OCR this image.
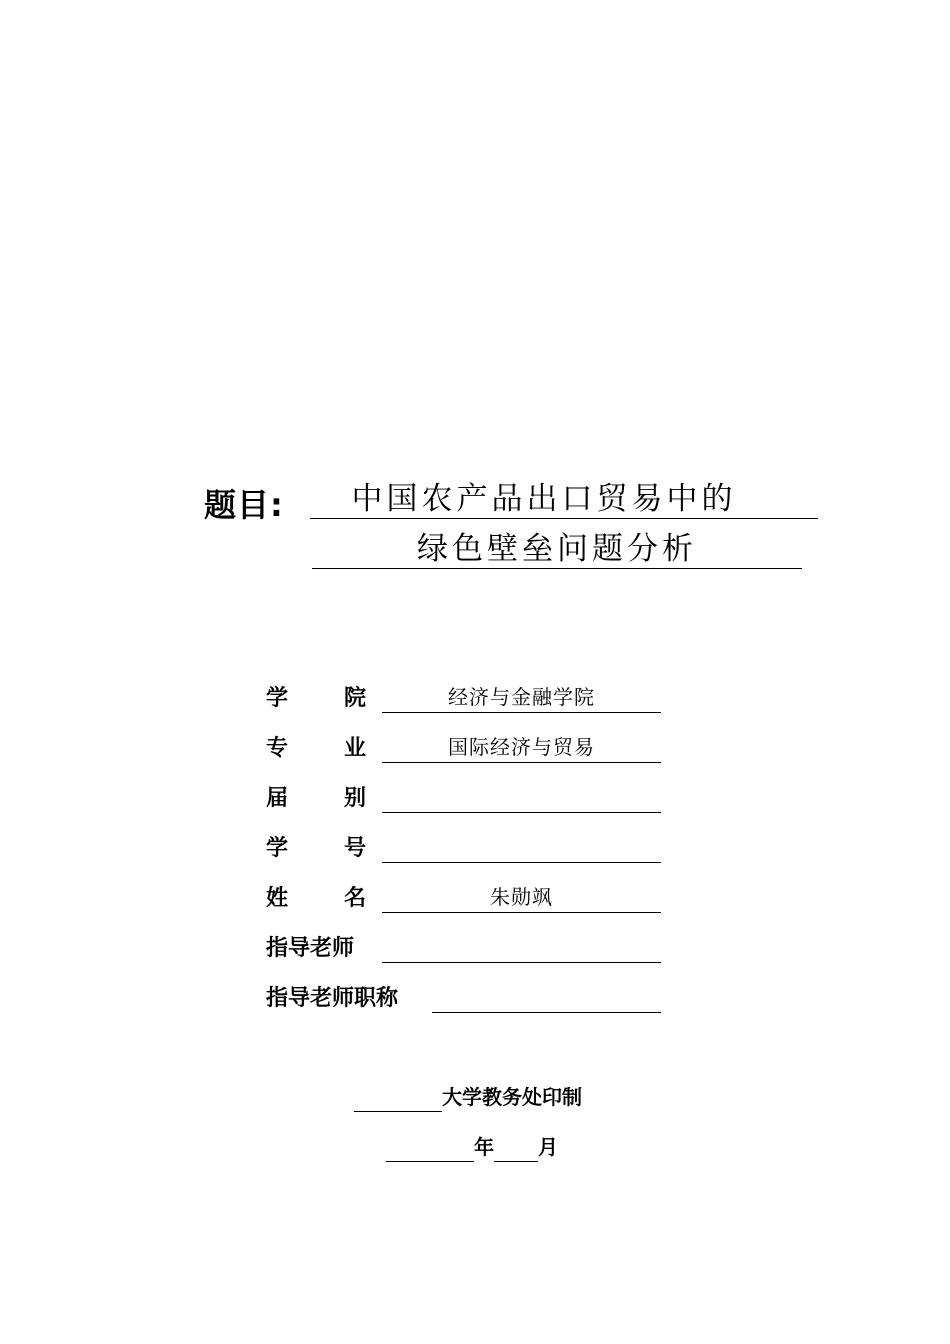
题目: 中国农产品出口贸易中的
绿色壁垒问题分析
学	院	经济与金融学院
专	业	国际经济与贸易
届	别
学	号
姓	名	朱勋飒
指导老师
指导老师职称
大学教务处印制
年 月
